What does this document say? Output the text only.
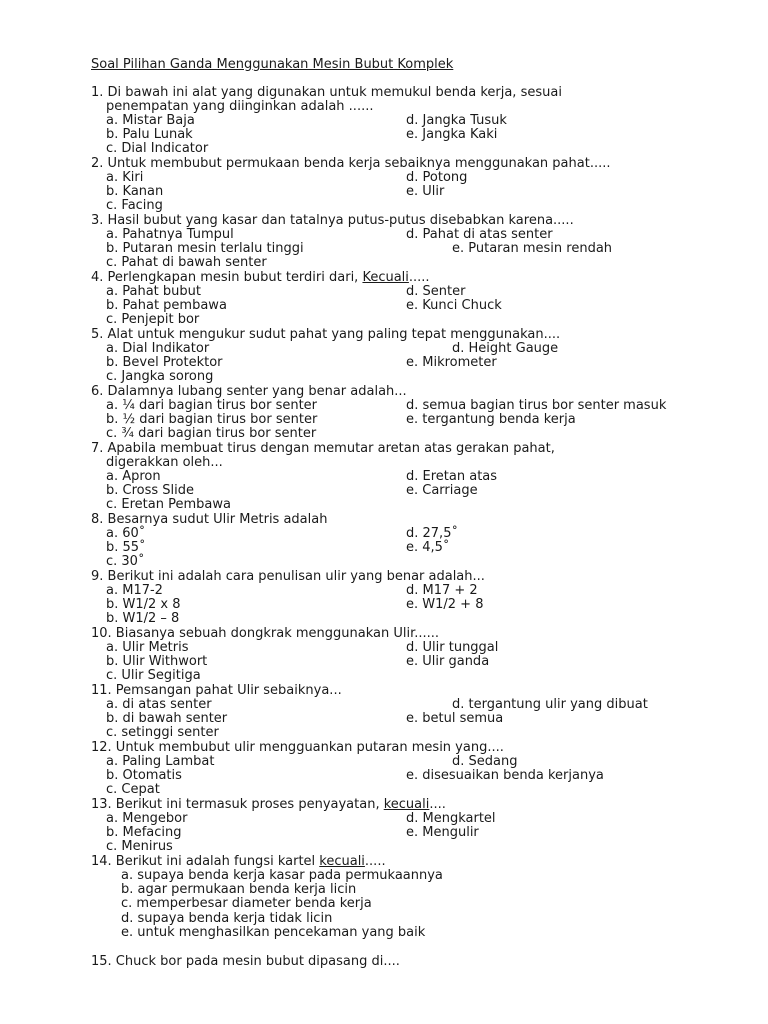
Soal Pilihan Ganda Menggunakan Mesin Bubut Komplek
1. Di bawah ini alat yang digunakan untuk memukul benda kerja, sesuai
penempatan yang diinginkan adalah ......
a. Mistar Baja	d. Jangka Tusuk
b. Palu Lunak	e. Jangka Kaki
c. Dial Indicator
2. Untuk membubut permukaan benda kerja sebaiknya menggunakan pahat.....
a. Kiri	d. Potong
b. Kanan	e. Ulir
c. Facing
3. Hasil bubut yang kasar dan tatalnya putus-putus disebabkan karena.....
a. Pahatnya Tumpul	d. Pahat di atas senter
b. Putaran mesin terlalu tinggi	e. Putaran mesin rendah
c. Pahat di bawah senter
4. Perlengkapan mesin bubut terdiri dari, Kecuali.....
a. Pahat bubut	d. Senter
b. Pahat pembawa	e. Kunci Chuck
c. Penjepit bor
5. Alat untuk mengukur sudut pahat yang paling tepat menggunakan....
a. Dial Indikator	d. Height Gauge
b. Bevel Protektor	e. Mikrometer
c. Jangka sorong
6. Dalamnya lubang senter yang benar adalah...
a. ¼ dari bagian tirus bor senter	d. semua bagian tirus bor senter masuk
b. ½ dari bagian tirus bor senter	e. tergantung benda kerja
c. ¾ dari bagian tirus bor senter
7. Apabila membuat tirus dengan memutar aretan atas gerakan pahat,
digerakkan oleh...
a. Apron	d. Eretan atas
b. Cross Slide	e. Carriage
c. Eretan Pembawa
8. Besarnya sudut Ulir Metris adalah
a. 60˚	d. 27,5˚
b. 55˚	e. 4,5˚
c. 30˚
9. Berikut ini adalah cara penulisan ulir yang benar adalah...
a. M17-2	d. M17 + 2
b. W1/2 x 8	e. W1/2 + 8
b. W1/2 – 8
10. Biasanya sebuah dongkrak menggunakan Ulir......
a. Ulir Metris	d. Ulir tunggal
b. Ulir Withwort	e. Ulir ganda
c. Ulir Segitiga
11. Pemsangan pahat Ulir sebaiknya...
a. di atas senter	d. tergantung ulir yang dibuat
b. di bawah senter	e. betul semua
c. setinggi senter
12. Untuk membubut ulir mengguankan putaran mesin yang....
a. Paling Lambat	d. Sedang
b. Otomatis	e. disesuaikan benda kerjanya
c. Cepat
13. Berikut ini termasuk proses penyayatan, kecuali....
a. Mengebor	d. Mengkartel
b. Mefacing	e. Mengulir
c. Menirus
14. Berikut ini adalah fungsi kartel kecuali.....
a. supaya benda kerja kasar pada permukaannya
b. agar permukaan benda kerja licin
c. memperbesar diameter benda kerja
d. supaya benda kerja tidak licin
e. untuk menghasilkan pencekaman yang baik
15. Chuck bor pada mesin bubut dipasang di....
